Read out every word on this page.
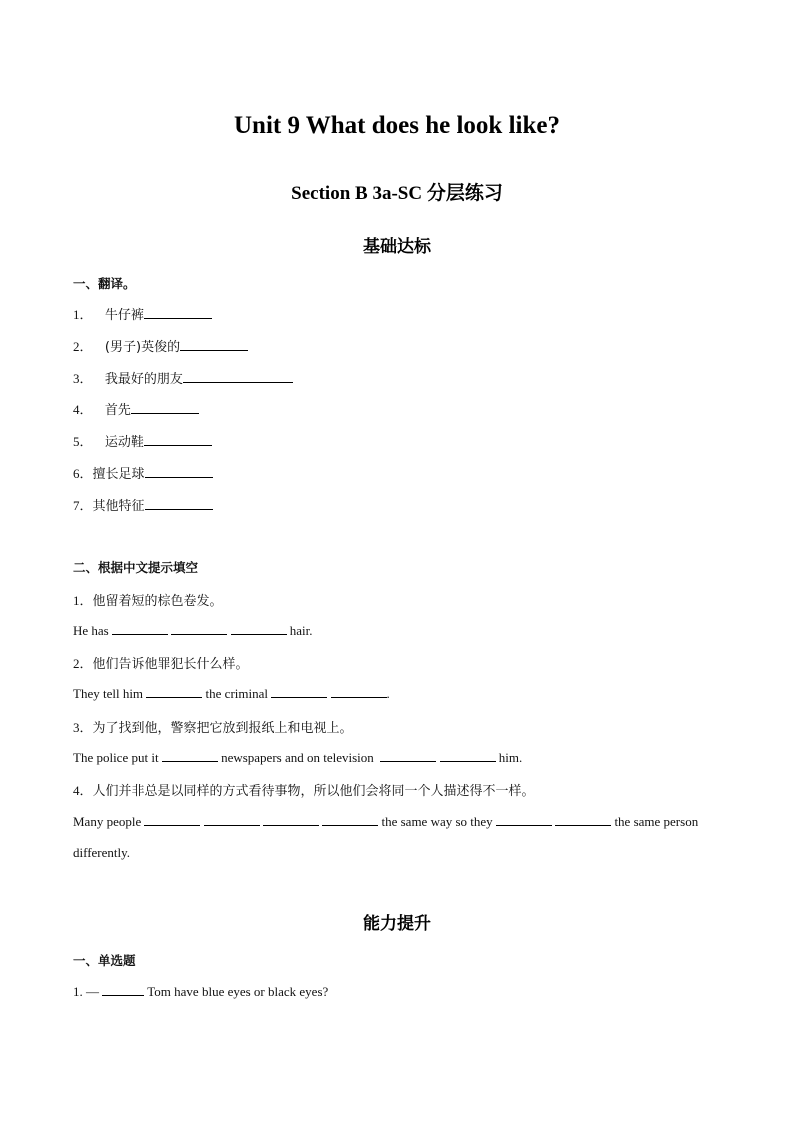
Unit 9 What does he look like?
Section B 3a-SC 分层练习
基础达标
一、翻译。
1． 牛仔裤
2． (男子)英俊的
3． 我最好的朋友
4． 首先
5． 运动鞋
6．擅长足球
7．其他特征
二、根据中文提示填空
1．他留着短的棕色卷发。
He has	hair.
2．他们告诉他罪犯长什么样。
They tell him	the criminal	.
3．为了找到他，警察把它放到报纸上和电视上。
The police put it	newspapers and on television	him.
4．人们并非总是以同样的方式看待事物，所以他们会将同一个人描述得不一样。
Many people	the same way so they	the same person
differently.
能力提升
一、单选题
1. —	Tom have blue eyes or black eyes?
